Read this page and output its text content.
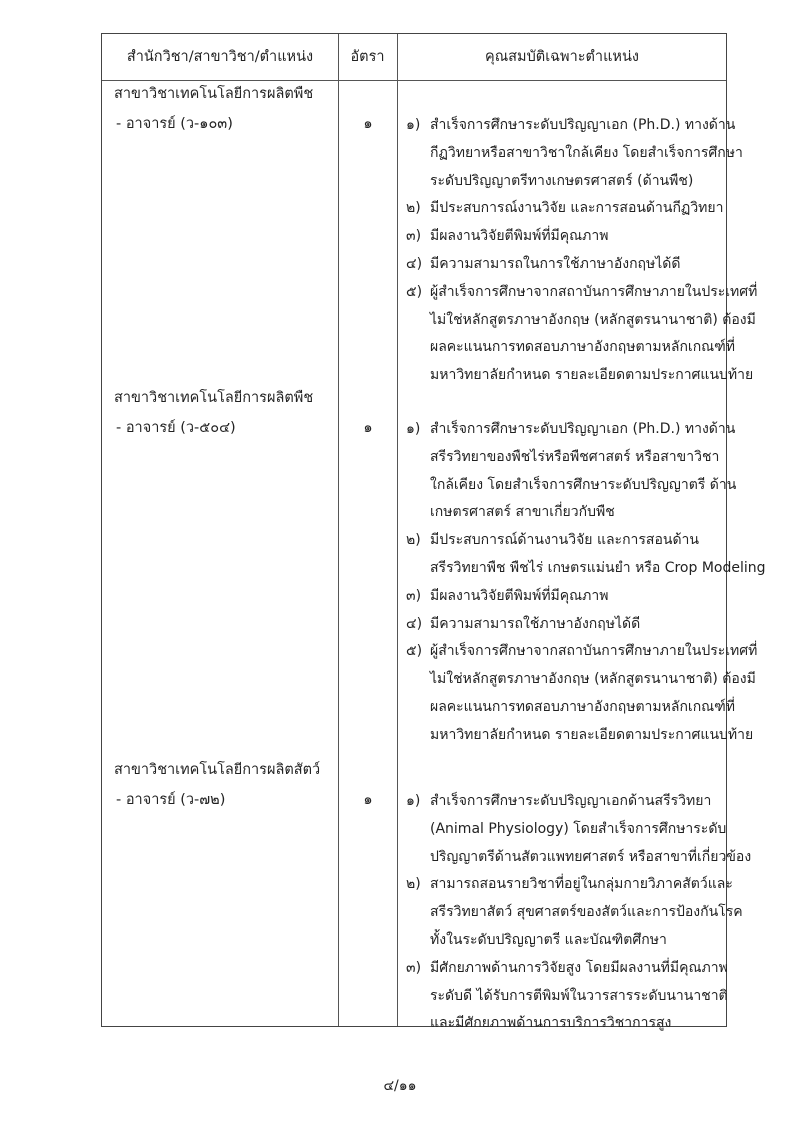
สำนักวิชา/สาขาวิชา/ตำแหน่ง	อัตรา	คุณสมบัติเฉพาะตำแหน่ง
สาขาวิชาเทคโนโลยีการผลิตพืช
- อาจารย์ (ว-๑๐๓)	๑	๑) สำเร็จการศึกษาระดับปริญญาเอก (Ph.D.) ทางด้าน
กีฏวิทยาหรือสาขาวิชาใกล้เคียง โดยสำเร็จการศึกษา
ระดับปริญญาตรีทางเกษตรศาสตร์ (ด้านพืช)
๒) มีประสบการณ์งานวิจัย และการสอนด้านกีฏวิทยา
๓) มีผลงานวิจัยตีพิมพ์ที่มีคุณภาพ
๔) มีความสามารถในการใช้ภาษาอังกฤษได้ดี
๕) ผู้สำเร็จการศึกษาจากสถาบันการศึกษาภายในประเทศที่
ไม่ใช่หลักสูตรภาษาอังกฤษ (หลักสูตรนานาชาติ) ต้องมี
ผลคะแนนการทดสอบภาษาอังกฤษตามหลักเกณฑ์ที่
มหาวิทยาลัยกำหนด รายละเอียดตามประกาศแนบท้าย
สาขาวิชาเทคโนโลยีการผลิตพืช
- อาจารย์ (ว-๕๐๔)	๑	๑) สำเร็จการศึกษาระดับปริญญาเอก (Ph.D.) ทางด้าน
สรีรวิทยาของพืชไร่หรือพืชศาสตร์ หรือสาขาวิชา
ใกล้เคียง โดยสำเร็จการศึกษาระดับปริญญาตรี ด้าน
เกษตรศาสตร์ สาขาเกี่ยวกับพืช
๒) มีประสบการณ์ด้านงานวิจัย และการสอนด้าน
สรีรวิทยาพืช พืชไร่ เกษตรแม่นยำ หรือ Crop Modeling
๓) มีผลงานวิจัยตีพิมพ์ที่มีคุณภาพ
๔) มีความสามารถใช้ภาษาอังกฤษได้ดี
๕) ผู้สำเร็จการศึกษาจากสถาบันการศึกษาภายในประเทศที่
ไม่ใช่หลักสูตรภาษาอังกฤษ (หลักสูตรนานาชาติ) ต้องมี
ผลคะแนนการทดสอบภาษาอังกฤษตามหลักเกณฑ์ที่
มหาวิทยาลัยกำหนด รายละเอียดตามประกาศแนบท้าย
สาขาวิชาเทคโนโลยีการผลิตสัตว์
- อาจารย์ (ว-๗๒)	๑	๑) สำเร็จการศึกษาระดับปริญญาเอกด้านสรีรวิทยา
(Animal Physiology) โดยสำเร็จการศึกษาระดับ
ปริญญาตรีด้านสัตวแพทยศาสตร์ หรือสาขาที่เกี่ยวข้อง
๒) สามารถสอนรายวิชาที่อยู่ในกลุ่มกายวิภาคสัตว์และ
สรีรวิทยาสัตว์ สุขศาสตร์ของสัตว์และการป้องกันโรค
ทั้งในระดับปริญญาตรี และบัณฑิตศึกษา
๓) มีศักยภาพด้านการวิจัยสูง โดยมีผลงานที่มีคุณภาพ
ระดับดี ได้รับการตีพิมพ์ในวารสารระดับนานาชาติ
และมีศักยภาพด้านการบริการวิชาการสูง
๔/๑๑
